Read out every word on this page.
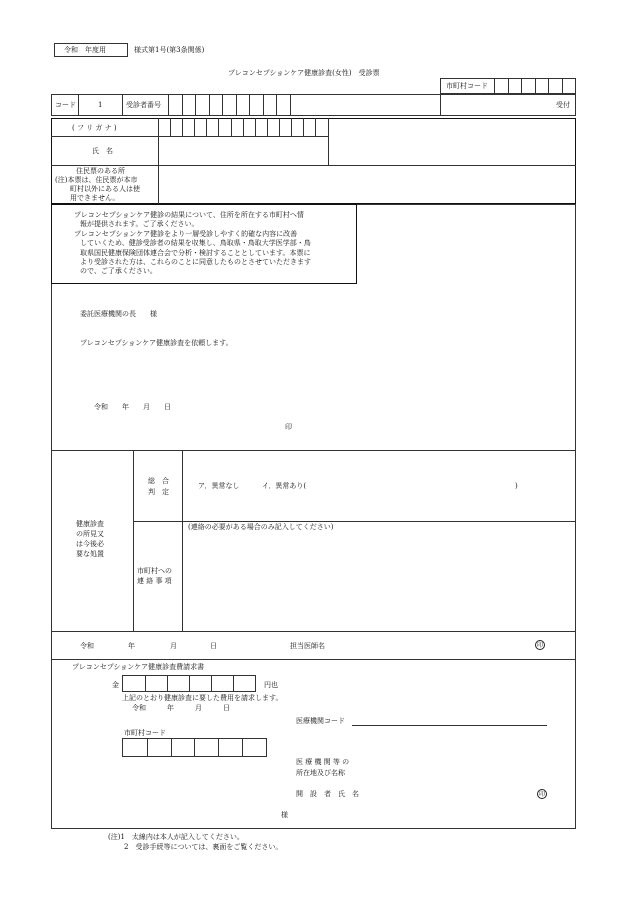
令和　年度用	様式第1号(第3条関係)
プレコンセプションケア健康診査(女性)　受診票
市町村コード
コード	1	受診者番号	受付
( フ リ ガ ナ )
氏　名
住民票のある所
(注)本票は、住民票が本市
町村以外にある人は使
用できません。
プレコンセプションケア健診の結果について、住所を所在する市町村へ情
報が提供されます。ご了承ください。
プレコンセプションケア健診をより一層受診しやすく的確な内容に改善
していくため、健診受診者の結果を収集し、鳥取県・鳥取大学医学部・鳥
取県国民健康保険団体連合会で分析・検討することとしています。本票に
より受診された方は、これらのことに同意したものとさせていただきます
ので、ご了承ください。
委託医療機関の長　　様
プレコンセプションケア健康診査を依頼します。
令和　　年　　月　　日
印
健康診査
の所見又
は今後必
要な処置
総　合
判　定
ア．異常なし	イ．異常あり(	)
(連絡の必要がある場合のみ記入してください)
市町村への
連 絡 事 項
令和	年	月	日	担当医師名	印
プレコンセプションケア健康診査費請求書
金	円也
上記のとおり健康診査に要した費用を請求します。
令和　　　年　　　月　　　日
医療機関コード
市町村コード
医 療 機 関 等 の
所在地及び名称
開　設　者　氏　名	印
様
(注)1　太線内は本人が記入してください。
2　受診手続等については、裏面をご覧ください。
